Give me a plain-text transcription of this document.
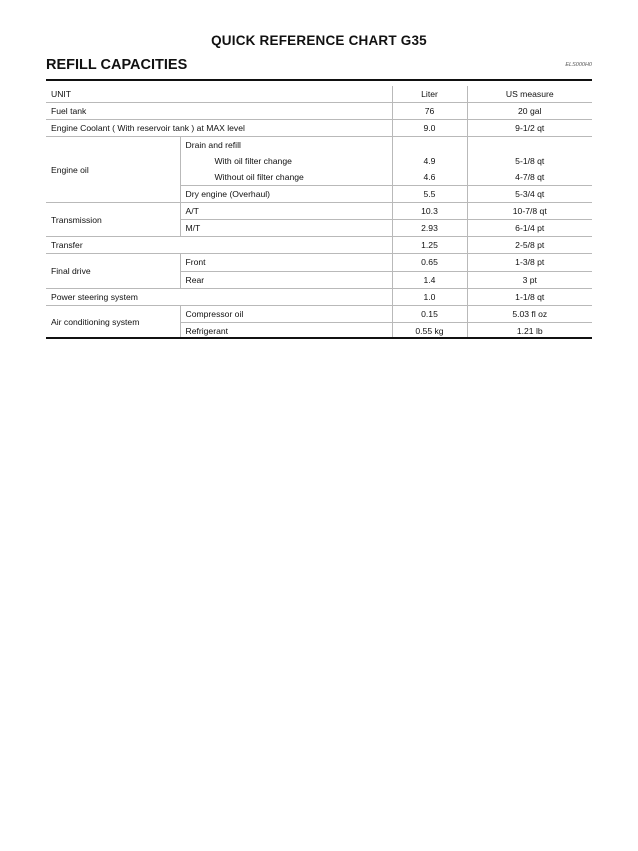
QUICK REFERENCE CHART G35
REFILL CAPACITIES	ELS000H0
UNIT		Liter	US measure
Fuel tank		76	20 gal
Engine Coolant ( With reservoir tank ) at MAX level		9.0	9-1/2 qt
Engine oil	Drain and refill		
	With oil filter change	4.9	5-1/8 qt
	Without oil filter change	4.6	4-7/8 qt
	Dry engine (Overhaul)	5.5	5-3/4 qt
Transmission	A/T	10.3	10-7/8 qt
	M/T	2.93	6-1/4 pt
Transfer		1.25	2-5/8 pt
Final drive	Front	0.65	1-3/8 pt
	Rear	1.4	3 pt
Power steering system		1.0	1-1/8 qt
Air conditioning system	Compressor oil	0.15	5.03 fl oz
	Refrigerant	0.55 kg	1.21 lb
